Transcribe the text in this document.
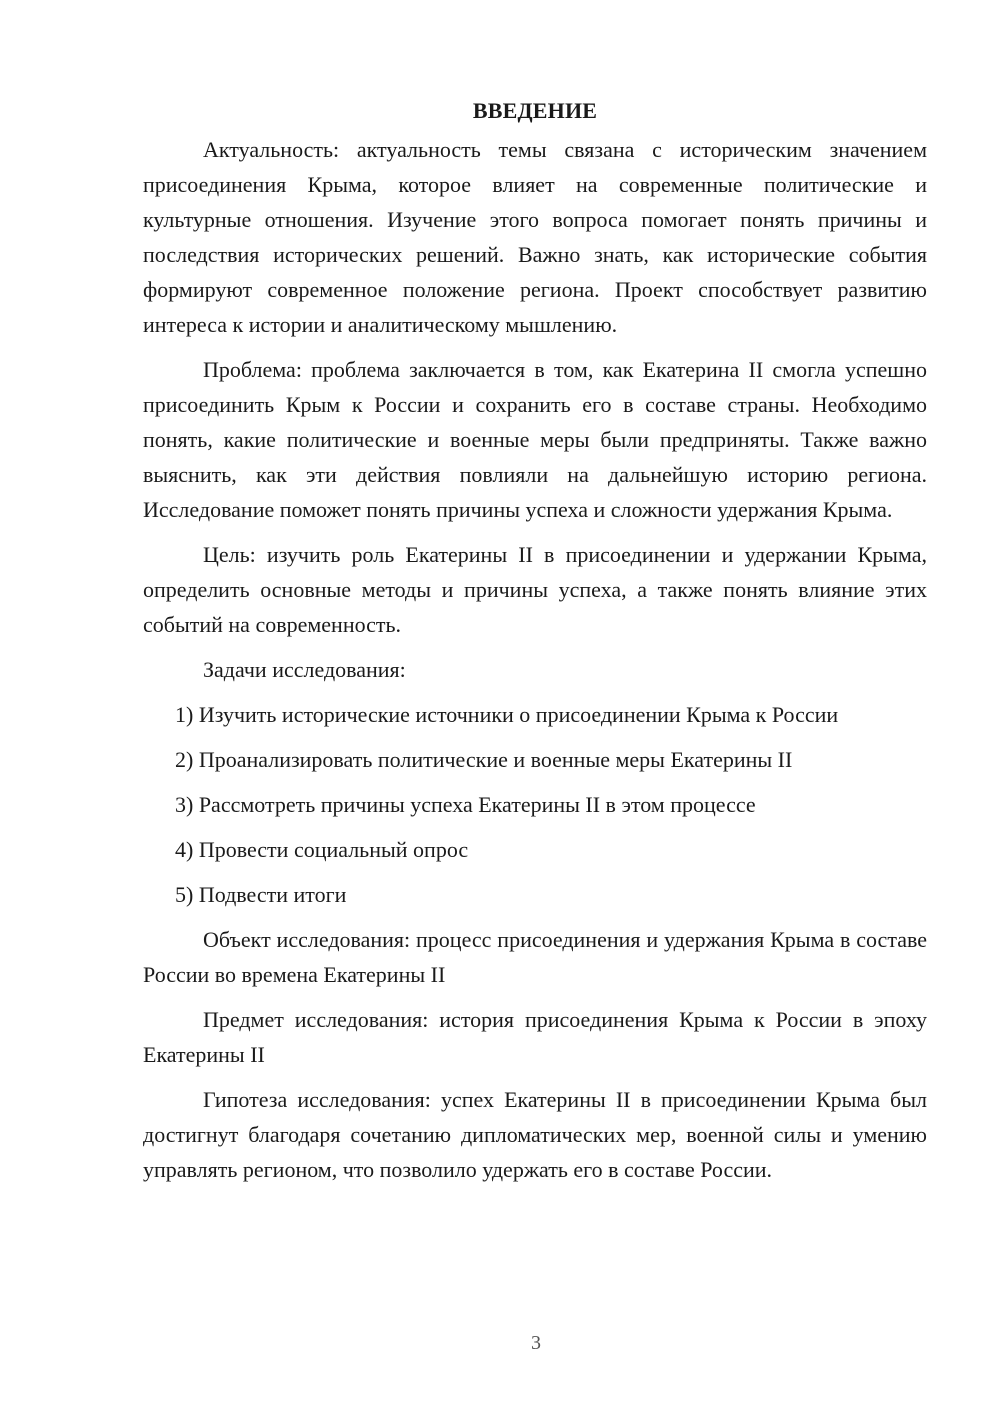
ВВЕДЕНИЕ

Актуальность: актуальность темы связана с историческим значением присоединения Крыма, которое влияет на современные политические и культурные отношения. Изучение этого вопроса помогает понять причины и последствия исторических решений. Важно знать, как исторические события формируют современное положение региона. Проект способствует развитию интереса к истории и аналитическому мышлению.

Проблема: проблема заключается в том, как Екатерина II смогла успешно присоединить Крым к России и сохранить его в составе страны. Необходимо понять, какие политические и военные меры были предприняты. Также важно выяснить, как эти действия повлияли на дальнейшую историю региона. Исследование поможет понять причины успеха и сложности удержания Крыма.

Цель: изучить роль Екатерины II в присоединении и удержании Крыма, определить основные методы и причины успеха, а также понять влияние этих событий на современность.

Задачи исследования:

1) Изучить исторические источники о присоединении Крыма к России
2) Проанализировать политические и военные меры Екатерины II
3) Рассмотреть причины успеха Екатерины II в этом процессе
4) Провести социальный опрос
5) Подвести итоги

Объект исследования: процесс присоединения и удержания Крыма в составе России во времена Екатерины II

Предмет исследования: история присоединения Крыма к России в эпоху Екатерины II

Гипотеза исследования: успех Екатерины II в присоединении Крыма был достигнут благодаря сочетанию дипломатических мер, военной силы и умению управлять регионом, что позволило удержать его в составе России.

3
